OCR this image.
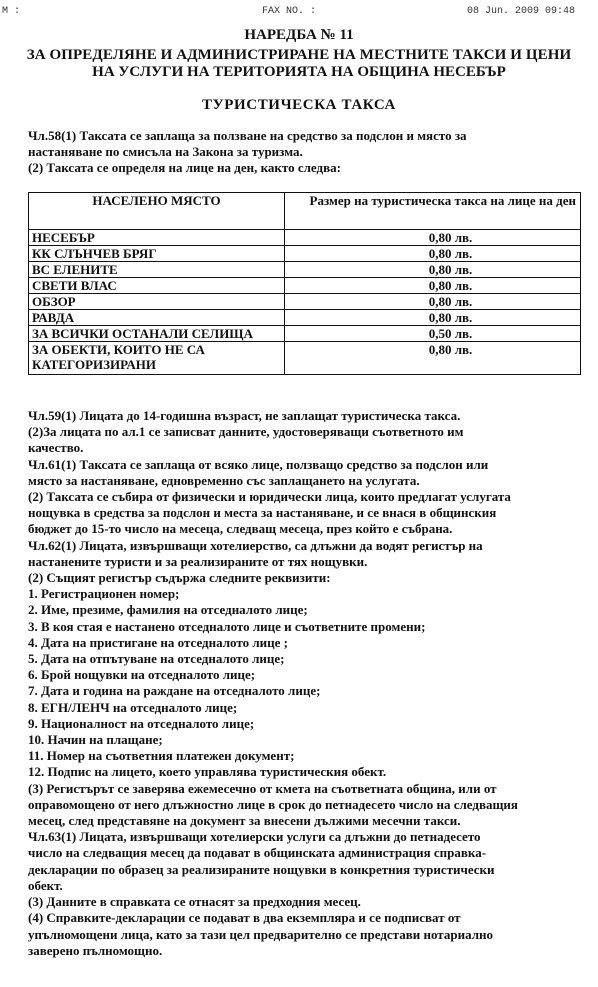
M :	FAX NO. :	08 Jun. 2009 09:48
НАРЕДБА № 11
ЗА ОПРЕДЕЛЯНЕ И АДМИНИСТРИРАНЕ НА МЕСТНИТЕ ТАКСИ И ЦЕНИ
НА УСЛУГИ НА ТЕРИТОРИЯТА НА ОБЩИНА НЕСЕБЪР
ТУРИСТИЧЕСКА ТАКСА
Чл.58(1) Таксата се заплаща за ползване на средство за подслон и място за
настаняване по смисъла на Закона за туризма.
(2) Таксата се определя на лице на ден, както следва:
НАСЕЛЕНО МЯСТО	Размер на туристическа такса на лице на ден
НЕСЕБЪР	0,80 лв.
КК СЛЪНЧЕВ БРЯГ	0,80 лв.
ВС ЕЛЕНИТЕ	0,80 лв.
СВЕТИ ВЛАС	0,80 лв.
ОБЗОР	0,80 лв.
РАВДА	0,80 лв.
ЗА ВСИЧКИ ОСТАНАЛИ СЕЛИЩА	0,50 лв.
ЗА ОБЕКТИ, КОИТО НЕ СА КАТЕГОРИЗИРАНИ	0,80 лв.
Чл.59(1) Лицата до 14-годишна възраст, не заплащат туристическа такса.
(2)За лицата по ал.1 се записват данните, удостоверяващи съответното им
качество.
Чл.61(1) Таксата се заплаща от всяко лице, ползващо средство за подслон или
място за настаняване, едновременно със заплащането на услугата.
(2) Таксата се събира от физически и юридически лица, които предлагат услугата
нощувка в средства за подслон и места за настаняване, и се внася в общинския
бюджет до 15-то число на месеца, следващ месеца, през който е събрана.
Чл.62(1) Лицата, извършващи хотелиерство, са длъжни да водят регистър на
настанените туристи и за реализираните от тях нощувки.
(2) Същият регистър съдържа следните реквизити:
1. Регистрационен номер;
2. Име, презиме, фамилия на отседналото лице;
3. В коя стая е настанено отседналото лице и съответните промени;
4. Дата на пристигане на отседналото лице ;
5. Дата на отпътуване на отседналото лице;
6. Брой нощувки на отседналото лице;
7. Дата и година на раждане на отседналото лице;
8. ЕГН/ЛЕНЧ на отседналото лице;
9. Националност на отседналото лице;
10. Начин на плащане;
11. Номер на съответния платежен документ;
12. Подпис на лицето, което управлява туристическия обект.
(3) Регистърът се заверява ежемесечно от кмета на съответната община, или от
оправомощено от него длъжностно лице в срок до петнадесето число на следващия
месец, след представяне на документ за внесени дължими месечни такси.
Чл.63(1) Лицата, извършващи хотелиерски услуги са длъжни до петнадесето
число на следващия месец да подават в общинската администрация справка-
декларации по образец за реализираните нощувки в конкретния туристически
обект.
(3) Данните в справката се отнасят за предходния месец.
(4) Справките-декларации се подават в два екземпляра и се подписват от
упълномощени лица, като за тази цел предварително се представи нотариално
заверено пълномощно.
